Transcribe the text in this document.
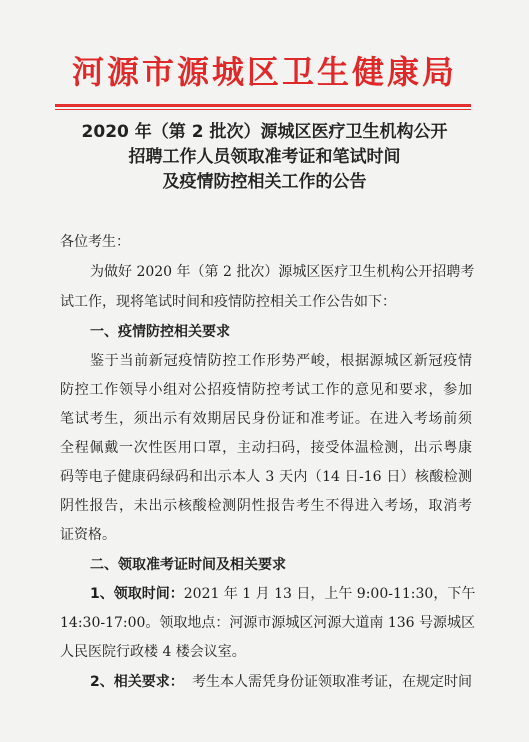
河源市源城区卫生健康局
2020 年（第 2 批次）源城区医疗卫生机构公开
招聘工作人员领取准考证和笔试时间
及疫情防控相关工作的公告
各位考生：
为做好 2020 年（第 2 批次）源城区医疗卫生机构公开招聘考
试工作，现将笔试时间和疫情防控相关工作公告如下：
一、疫情防控相关要求
鉴于当前新冠疫情防控工作形势严峻，根据源城区新冠疫情
防控工作领导小组对公招疫情防控考试工作的意见和要求，参加
笔试考生，须出示有效期居民身份证和准考证。在进入考场前须
全程佩戴一次性医用口罩，主动扫码，接受体温检测，出示粤康
码等电子健康码绿码和出示本人 3 天内（14 日-16 日）核酸检测
阴性报告，未出示核酸检测阴性报告考生不得进入考场，取消考
证资格。
二、领取准考证时间及相关要求
1、领取时间： 2021 年 1 月 13 日，上午 9:00-11:30，下午
14:30-17:00。领取地点：河源市源城区河源大道南 136 号源城区
人民医院行政楼 4 楼会议室。
2、相关要求： 考生本人需凭身份证领取准考证，在规定时间
